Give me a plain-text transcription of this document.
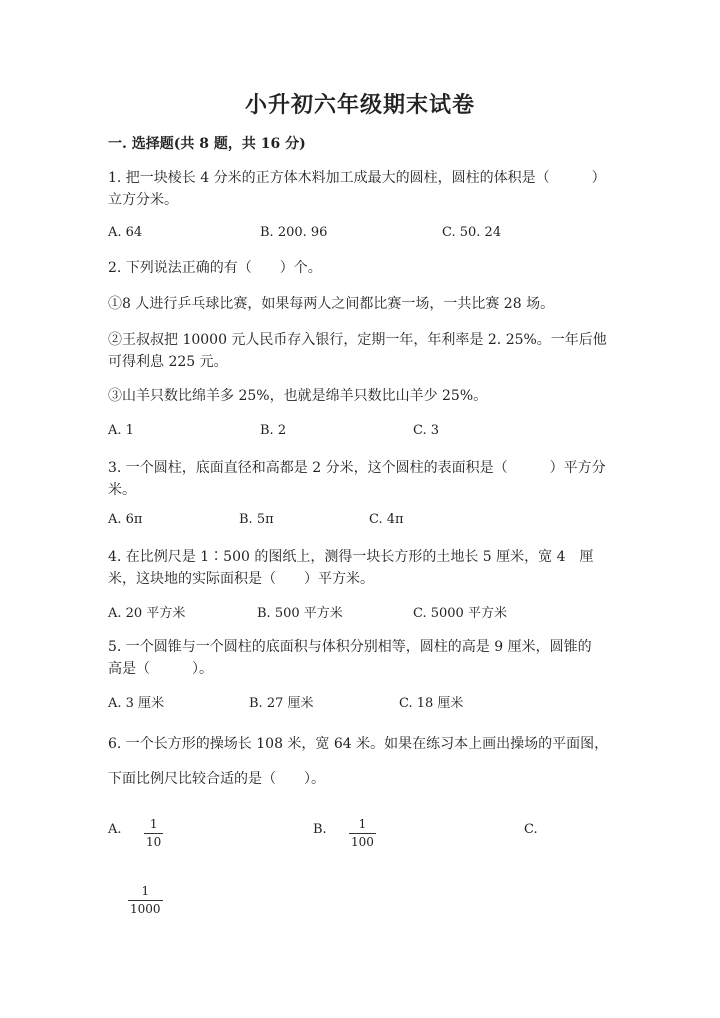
小升初六年级期末试卷
一. 选择题(共 8 题，共 16 分)
1. 把一块棱长 4 分米的正方体木料加工成最大的圆柱，圆柱的体积是（　　　）
立方分米。
A. 64	B. 200. 96	C. 50. 24
2. 下列说法正确的有（　　）个。
①8 人进行乒乓球比赛，如果每两人之间都比赛一场，一共比赛 28 场。
②王叔叔把 10000 元人民币存入银行，定期一年，年利率是 2. 25%。一年后他
可得利息 225 元。
③山羊只数比绵羊多 25%，也就是绵羊只数比山羊少 25%。
A. 1	B. 2	C. 3
3. 一个圆柱，底面直径和高都是 2 分米，这个圆柱的表面积是（　　　）平方分
米。
A. 6π	B. 5π	C. 4π
4. 在比例尺是 1∶500 的图纸上，测得一块长方形的土地长 5 厘米，宽 4　厘
米，这块地的实际面积是（　　）平方米。
A. 20 平方米	B. 500 平方米	C. 5000 平方米
5. 一个圆锥与一个圆柱的底面积与体积分别相等，圆柱的高是 9 厘米，圆锥的
高是（　　　）。
A. 3 厘米	B. 27 厘米	C. 18 厘米
6. 一个长方形的操场长 108 米，宽 64 米。如果在练习本上画出操场的平面图，
下面比例尺比较合适的是（　　）。
A. 1
10
B.	1
100
C.
1
1000
